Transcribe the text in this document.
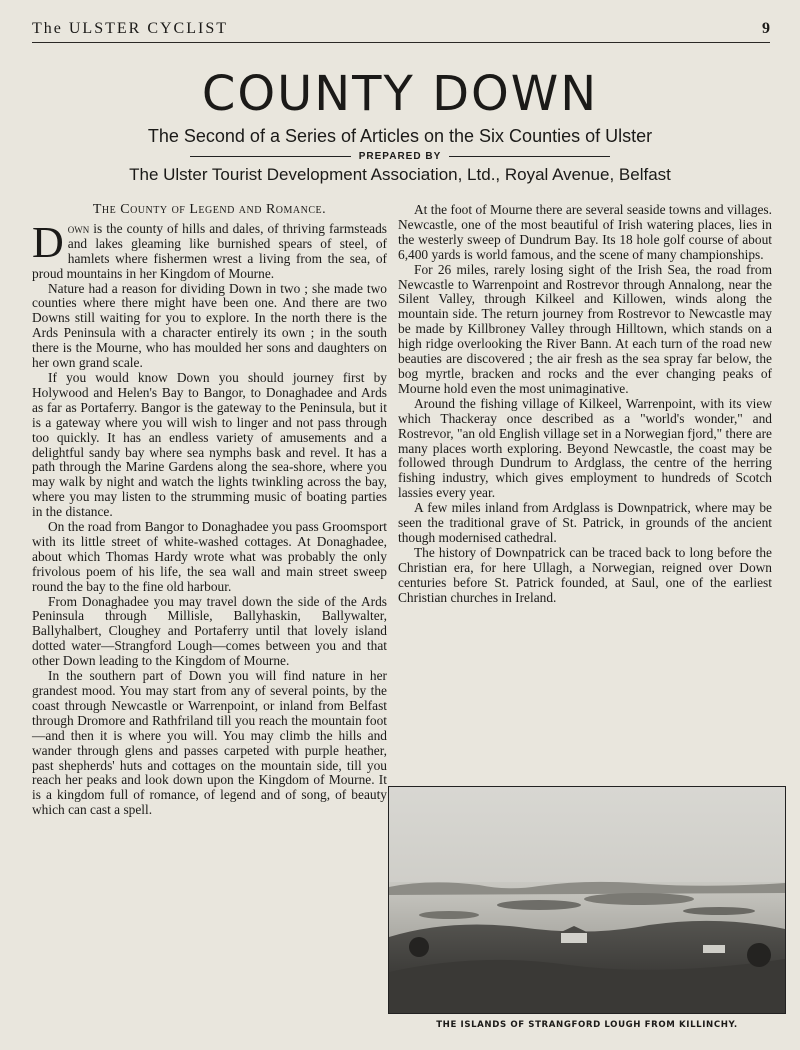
The ULSTER CYCLIST	9
COUNTY DOWN
The Second of a Series of Articles on the Six Counties of Ulster
PREPARED BY
The Ulster Tourist Development Association, Ltd., Royal Avenue, Belfast
The County of Legend and Romance.

Down is the county of hills and dales, of thriving farmsteads and lakes gleaming like burnished spears of steel, of hamlets where fishermen wrest a living from the sea, of proud mountains in her Kingdom of Mourne.

Nature had a reason for dividing Down in two ; she made two counties where there might have been one. And there are two Downs still waiting for you to explore. In the north there is the Ards Peninsula with a character entirely its own ; in the south there is the Mourne, who has moulded her sons and daughters on her own grand scale.

If you would know Down you should journey first by Holywood and Helen's Bay to Bangor, to Donaghadee and Ards as far as Portaferry. Bangor is the gateway to the Peninsula, but it is a gateway where you will wish to linger and not pass through too quickly. It has an endless variety of amusements and a delightful sandy bay where sea nymphs bask and revel. It has a path through the Marine Gardens along the sea-shore, where you may walk by night and watch the lights twinkling across the bay, where you may listen to the strumming music of boating parties in the distance.

On the road from Bangor to Donaghadee you pass Groomsport with its little street of white-washed cottages. At Donaghadee, about which Thomas Hardy wrote what was probably the only frivolous poem of his life, the sea wall and main street sweep round the bay to the fine old harbour.

From Donaghadee you may travel down the side of the Ards Peninsula through Millisle, Ballyhaskin, Ballywalter, Ballyhalbert, Cloughey and Portaferry until that lovely island dotted water—Strangford Lough—comes between you and that other Down leading to the Kingdom of Mourne.

In the southern part of Down you will find nature in her grandest mood. You may start from any of several points, by the coast through Newcastle or Warrenpoint, or inland from Belfast through Dromore and Rathfriland till you reach the mountain foot—and then it is where you will. You may climb the hills and wander through glens and passes carpeted with purple heather, past shepherds' huts and cottages on the mountain side, till you reach her peaks and look down upon the Kingdom of Mourne. It is a kingdom full of romance, of legend and of song, of beauty which can cast a spell.

At the foot of Mourne there are several seaside towns and villages. Newcastle, one of the most beautiful of Irish watering places, lies in the westerly sweep of Dundrum Bay. Its 18 hole golf course of about 6,400 yards is world famous, and the scene of many championships.

For 26 miles, rarely losing sight of the Irish Sea, the road from Newcastle to Warrenpoint and Rostrevor through Annalong, near the Silent Valley, through Kilkeel and Killowen, winds along the mountain side. The return journey from Rostrevor to Newcastle may be made by Killbroney Valley through Hilltown, which stands on a high ridge overlooking the River Bann. At each turn of the road new beauties are discovered ; the air fresh as the sea spray far below, the bog myrtle, bracken and rocks and the ever changing peaks of Mourne hold even the most unimaginative.

Around the fishing village of Kilkeel, Warrenpoint, with its view which Thackeray once described as a "world's wonder," and Rostrevor, "an old English village set in a Norwegian fjord," there are many places worth exploring. Beyond Newcastle, the coast may be followed through Dundrum to Ardglass, the centre of the herring fishing industry, which gives employment to hundreds of Scotch lassies every year.

A few miles inland from Ardglass is Downpatrick, where may be seen the traditional grave of St. Patrick, in grounds of the ancient though modernised cathedral.

The history of Downpatrick can be traced back to long before the Christian era, for here Ullagh, a Norwegian, reigned over Down centuries before St. Patrick founded, at Saul, one of the earliest Christian churches in Ireland.

THE ISLANDS OF STRANGFORD LOUGH FROM KILLINCHY.
